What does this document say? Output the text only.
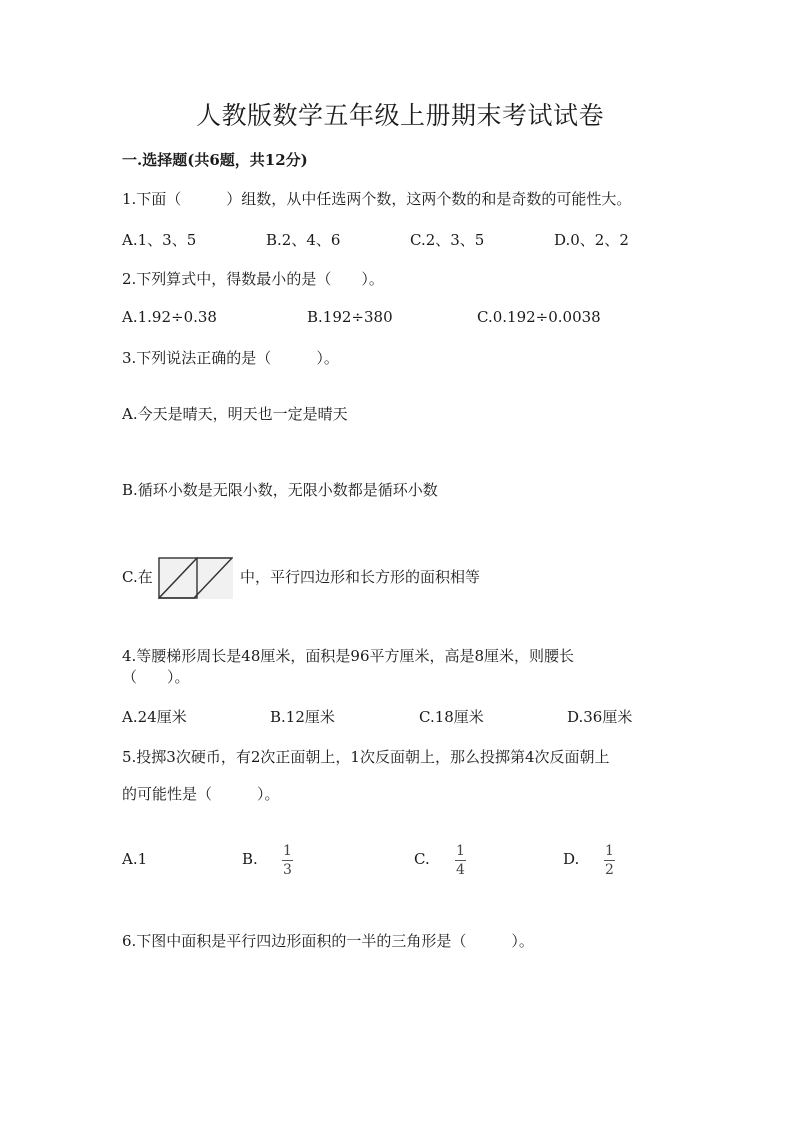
人教版数学五年级上册期末考试试卷
一.选择题(共6题，共12分)
1.下面（　　　）组数，从中任选两个数，这两个数的和是奇数的可能性大。
A.1、3、5	B.2、4、6	C.2、3、5	D.0、2、2
2.下列算式中，得数最小的是（　　）。
A.1.92÷0.38	B.192÷380	C.0.192÷0.0038
3.下列说法正确的是（　　　）。
A.今天是晴天，明天也一定是晴天
B.循环小数是无限小数，无限小数都是循环小数
C.在	中，平行四边形和长方形的面积相等
4.等腰梯形周长是48厘米，面积是96平方厘米，高是8厘米，则腰长
（　　）。
A.24厘米	B.12厘米	C.18厘米	D.36厘米
5.投掷3次硬币，有2次正面朝上，1次反面朝上，那么投掷第4次反面朝上
的可能性是（　　　）。
A.1	B. 1
3
C. 1
4
D. 1
2
6.下图中面积是平行四边形面积的一半的三角形是（　　　）。
